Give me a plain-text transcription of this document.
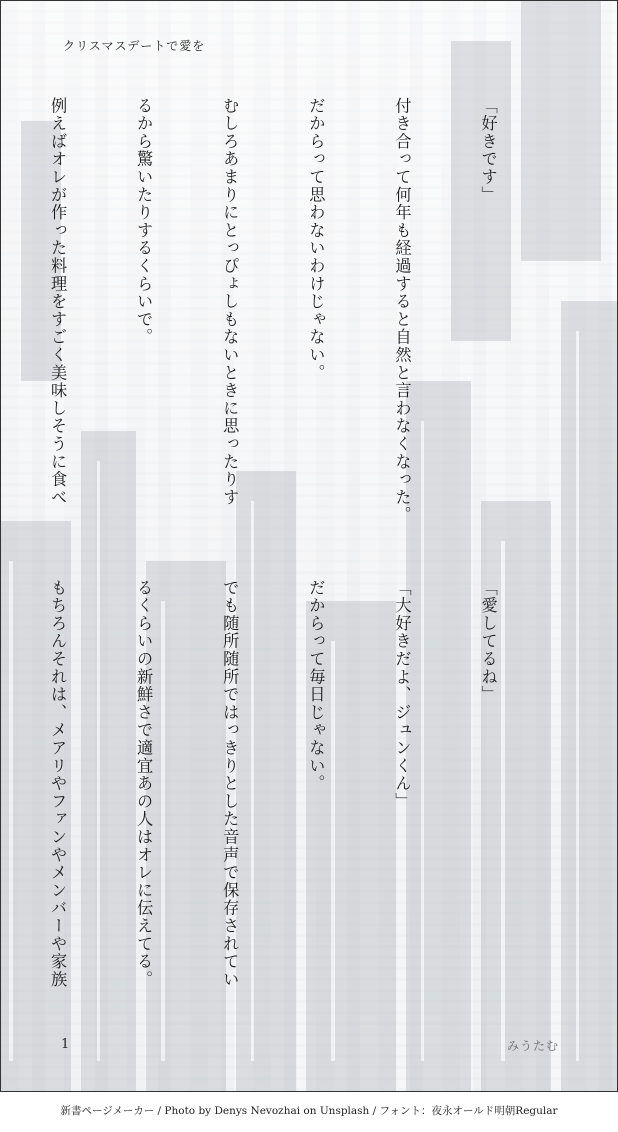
クリスマスデートで愛を

「好きです」

付き合って何年も経過すると自然と言わなくなった。

だからって思わないわけじゃない。

むしろあまりにとっぴょしもないときに思ったりす

るから驚いたりするくらいで。

例えばオレが作った料理をすごく美味しそうに食べ

「愛してるね」

「大好きだよ、ジュンくん」

だからって毎日じゃない。

でも随所随所ではっきりとした音声で保存されてい

るくらいの新鮮さで適宜あの人はオレに伝えてる。

もちろんそれは、メアリやファンやメンバーや家族

1	みうたむ
新書ページメーカー / Photo by Denys Nevozhai on Unsplash / フォント：夜永オールド明朝Regular
